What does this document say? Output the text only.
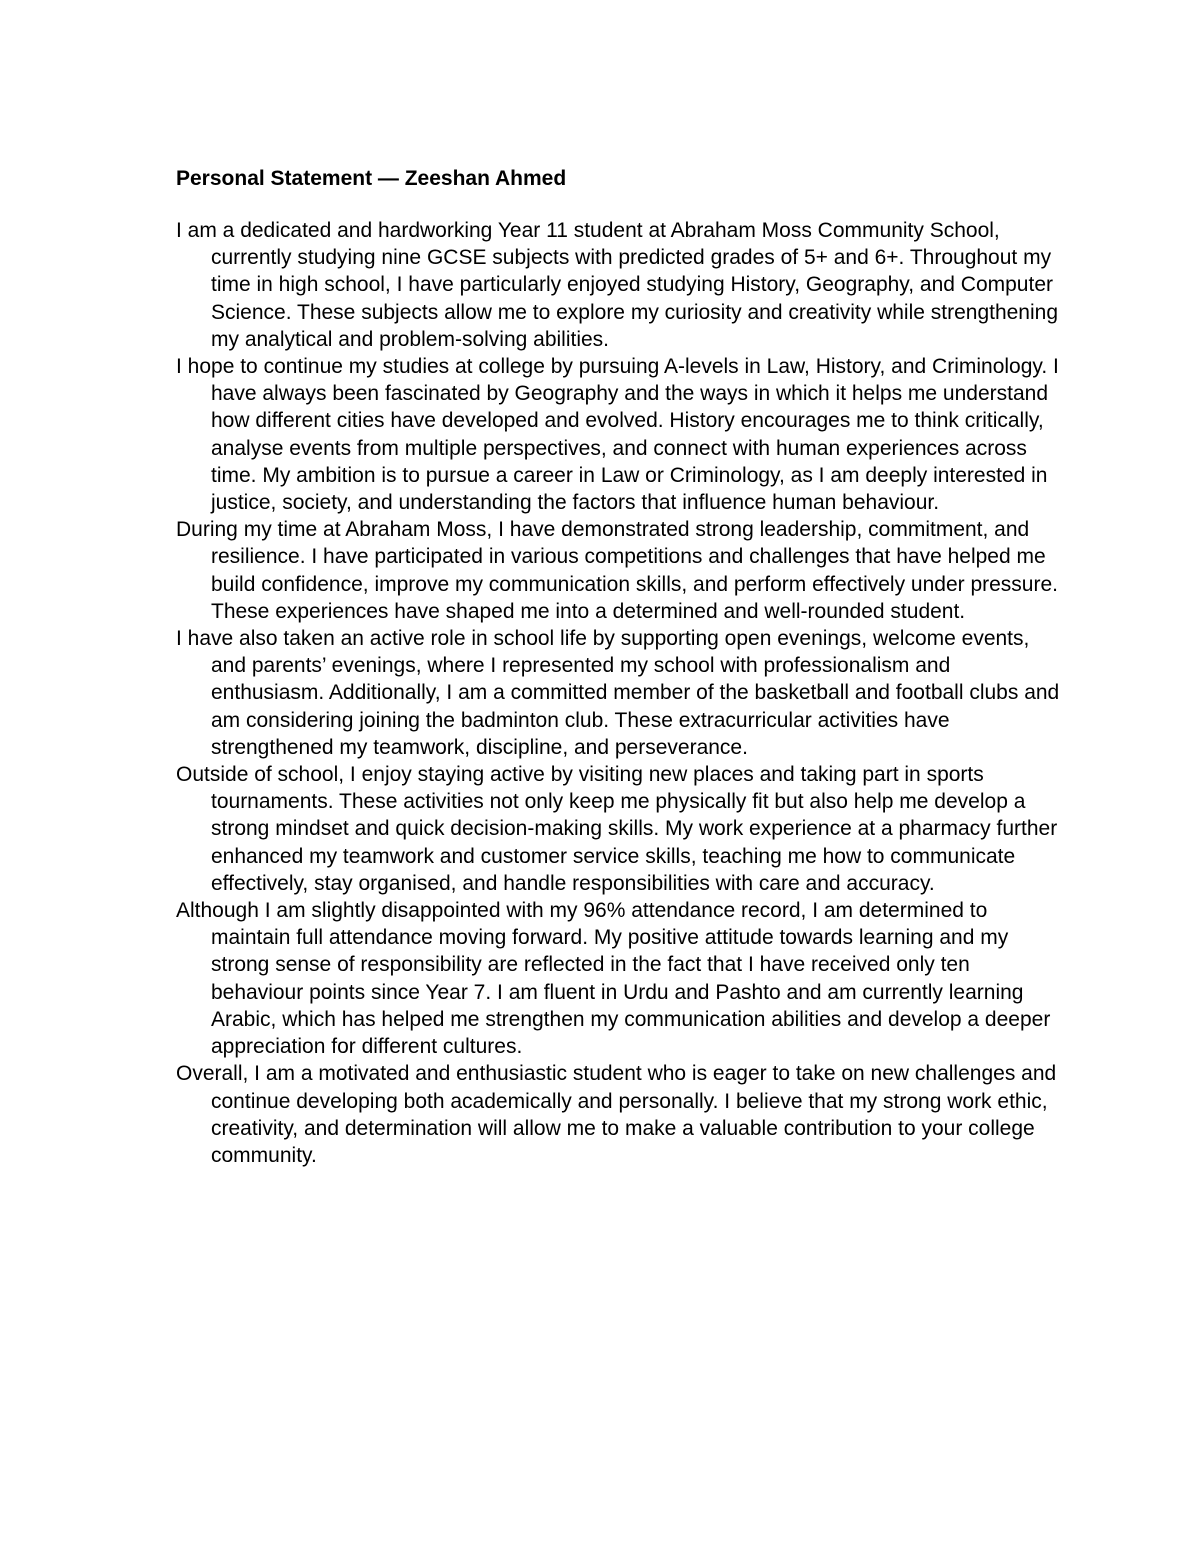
Personal Statement — Zeeshan Ahmed

I am a dedicated and hardworking Year 11 student at Abraham Moss Community School, currently studying nine GCSE subjects with predicted grades of 5+ and 6+. Throughout my time in high school, I have particularly enjoyed studying History, Geography, and Computer Science. These subjects allow me to explore my curiosity and creativity while strengthening my analytical and problem-solving abilities.

I hope to continue my studies at college by pursuing A-levels in Law, History, and Criminology. I have always been fascinated by Geography and the ways in which it helps me understand how different cities have developed and evolved. History encourages me to think critically, analyse events from multiple perspectives, and connect with human experiences across time. My ambition is to pursue a career in Law or Criminology, as I am deeply interested in justice, society, and understanding the factors that influence human behaviour.

During my time at Abraham Moss, I have demonstrated strong leadership, commitment, and resilience. I have participated in various competitions and challenges that have helped me build confidence, improve my communication skills, and perform effectively under pressure. These experiences have shaped me into a determined and well-rounded student.

I have also taken an active role in school life by supporting open evenings, welcome events, and parents’ evenings, where I represented my school with professionalism and enthusiasm. Additionally, I am a committed member of the basketball and football clubs and am considering joining the badminton club. These extracurricular activities have strengthened my teamwork, discipline, and perseverance.

Outside of school, I enjoy staying active by visiting new places and taking part in sports tournaments. These activities not only keep me physically fit but also help me develop a strong mindset and quick decision-making skills. My work experience at a pharmacy further enhanced my teamwork and customer service skills, teaching me how to communicate effectively, stay organised, and handle responsibilities with care and accuracy.

Although I am slightly disappointed with my 96% attendance record, I am determined to maintain full attendance moving forward. My positive attitude towards learning and my strong sense of responsibility are reflected in the fact that I have received only ten behaviour points since Year 7. I am fluent in Urdu and Pashto and am currently learning Arabic, which has helped me strengthen my communication abilities and develop a deeper appreciation for different cultures.

Overall, I am a motivated and enthusiastic student who is eager to take on new challenges and continue developing both academically and personally. I believe that my strong work ethic, creativity, and determination will allow me to make a valuable contribution to your college community.
